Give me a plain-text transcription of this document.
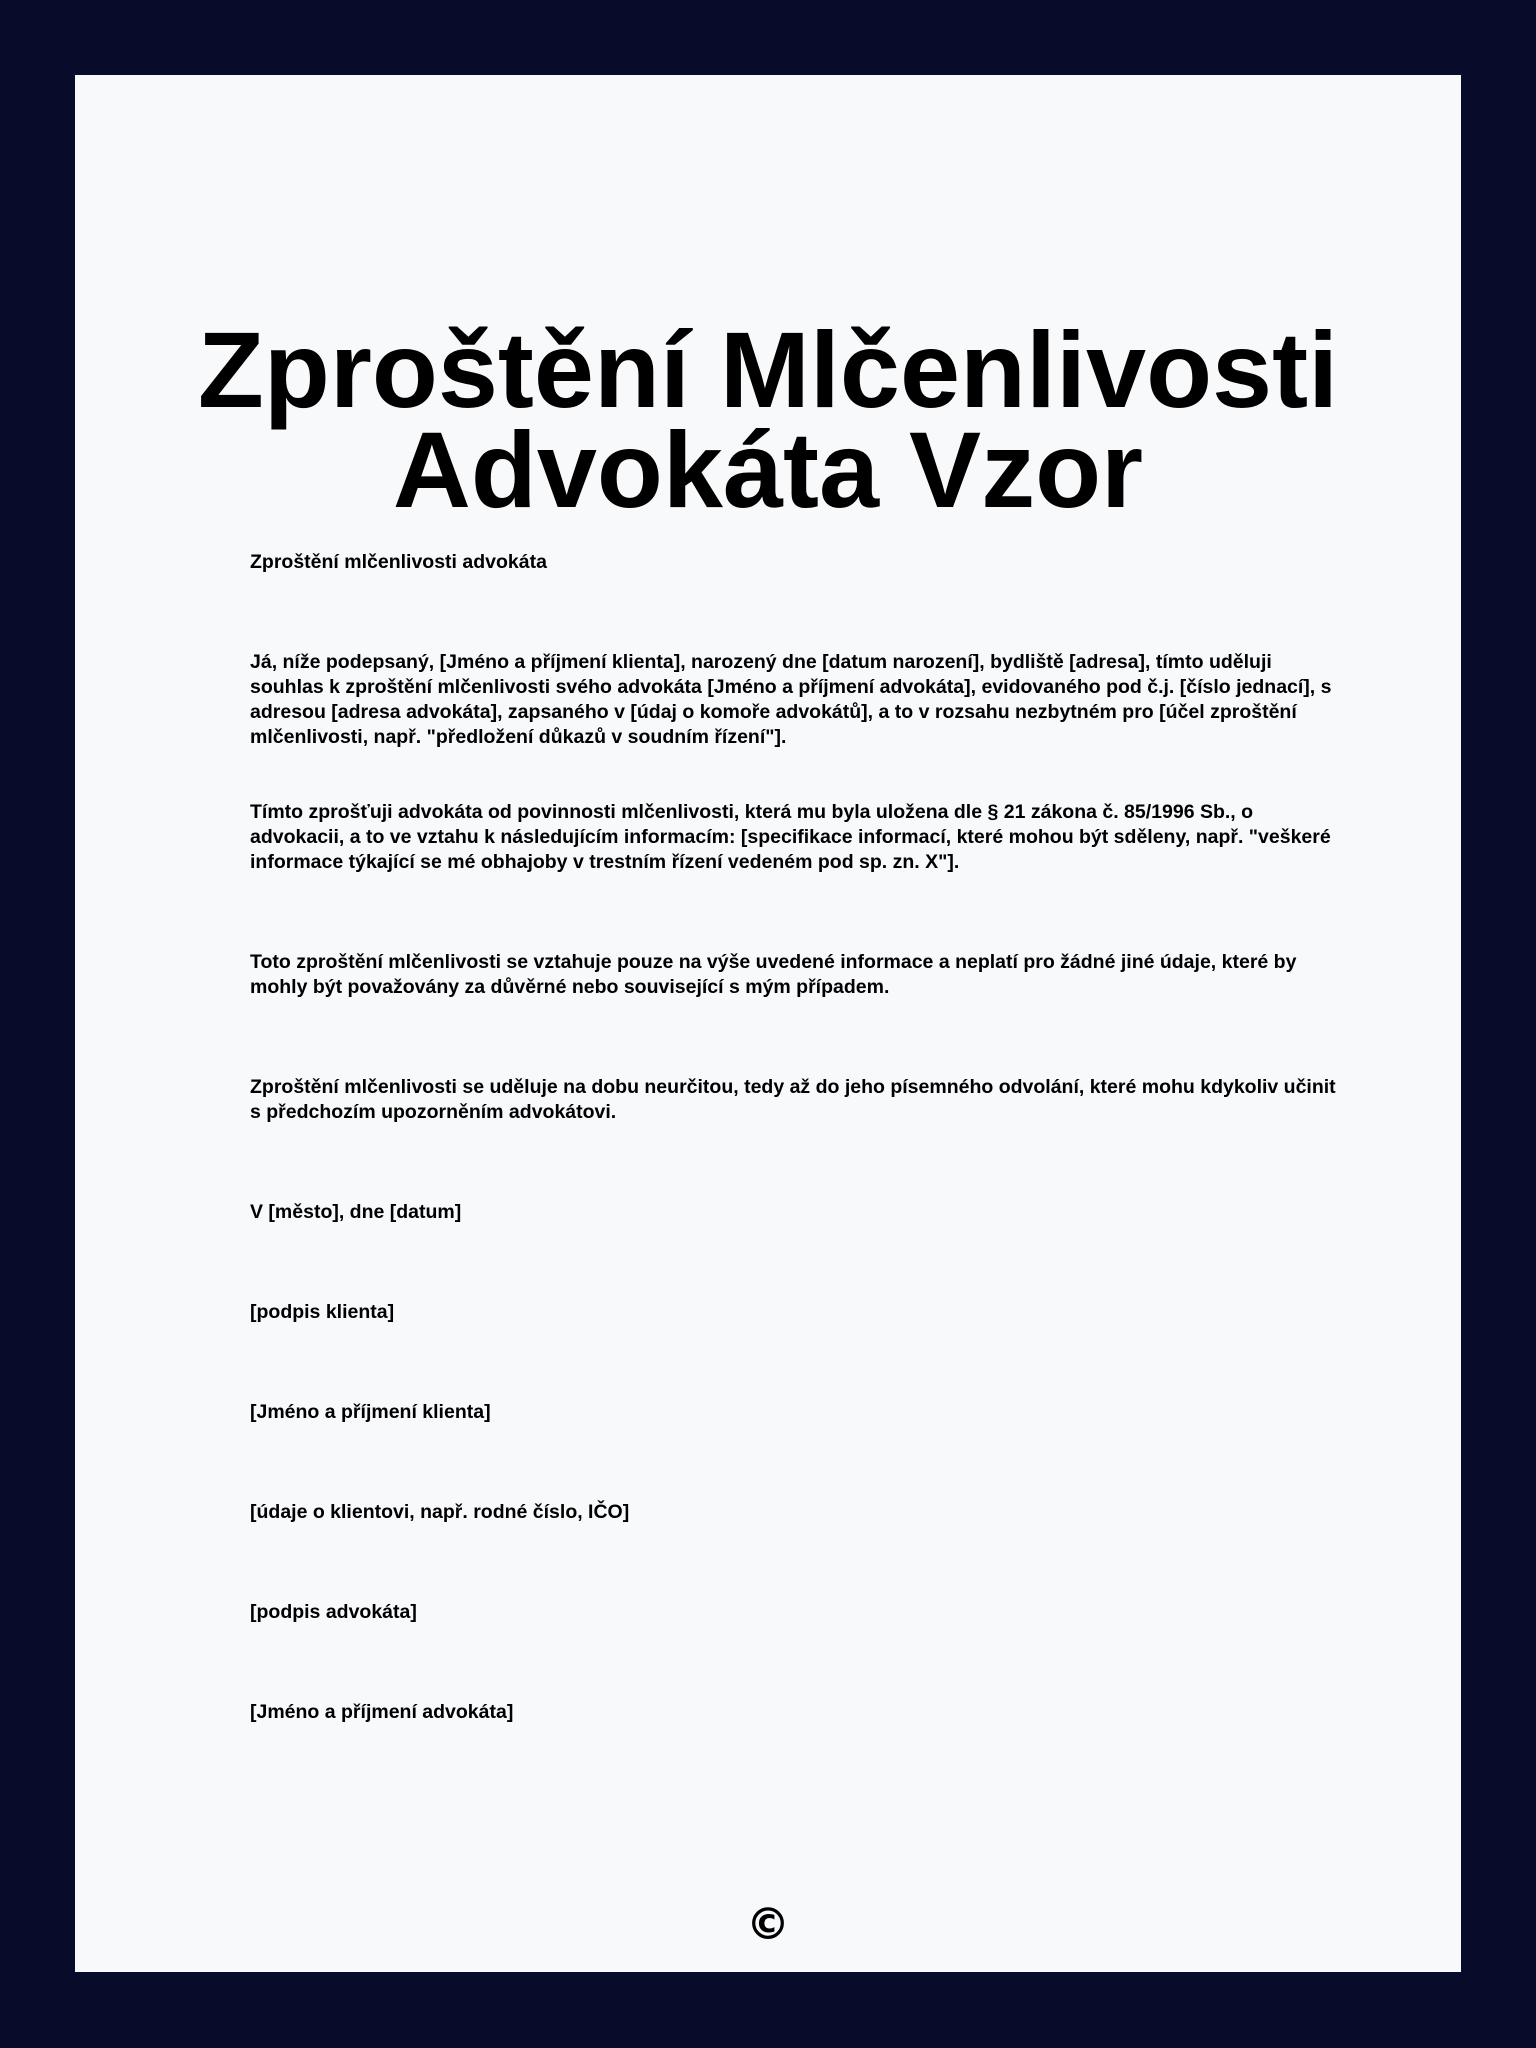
Zproštění Mlčenlivosti
Advokáta Vzor

Zproštění mlčenlivosti advokáta

Já, níže podepsaný, [Jméno a příjmení klienta], narozený dne [datum narození], bydliště [adresa], tímto uděluji souhlas k zproštění mlčenlivosti svého advokáta [Jméno a příjmení advokáta], evidovaného pod č.j. [číslo jednací], s adresou [adresa advokáta], zapsaného v [údaj o komoře advokátů], a to v rozsahu nezbytném pro [účel zproštění mlčenlivosti, např. "předložení důkazů v soudním řízení"].

Tímto zprošťuji advokáta od povinnosti mlčenlivosti, která mu byla uložena dle § 21 zákona č. 85/1996 Sb., o advokacii, a to ve vztahu k následujícím informacím: [specifikace informací, které mohou být sděleny, např. "veškeré informace týkající se mé obhajoby v trestním řízení vedeném pod sp. zn. X"].

Toto zproštění mlčenlivosti se vztahuje pouze na výše uvedené informace a neplatí pro žádné jiné údaje, které by mohly být považovány za důvěrné nebo související s mým případem.

Zproštění mlčenlivosti se uděluje na dobu neurčitou, tedy až do jeho písemného odvolání, které mohu kdykoliv učinit s předchozím upozorněním advokátovi.

V [město], dne [datum]

[podpis klienta]

[Jméno a příjmení klienta]

[údaje o klientovi, např. rodné číslo, IČO]

[podpis advokáta]

[Jméno a příjmení advokáta]

©
